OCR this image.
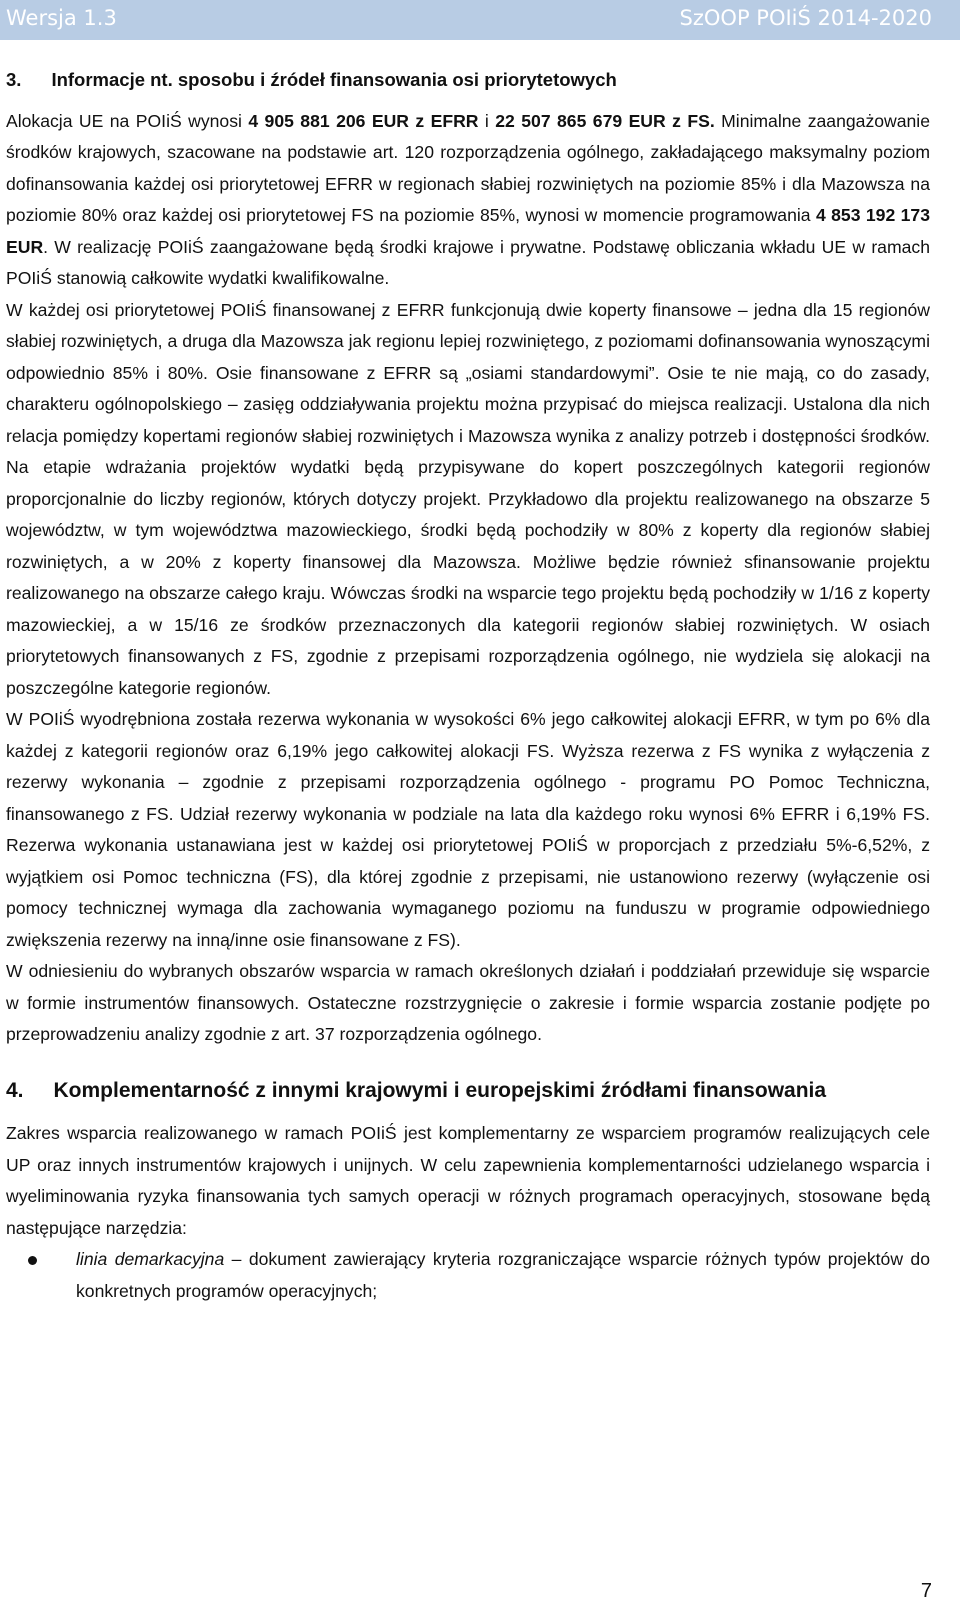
Wersja 1.3	SzOOP POIiŚ 2014-2020
3. Informacje nt. sposobu i źródeł finansowania osi priorytetowych

Alokacja UE na POIiŚ wynosi 4 905 881 206 EUR z EFRR i 22 507 865 679 EUR z FS. Minimalne zaangażowanie środków krajowych, szacowane na podstawie art. 120 rozporządzenia ogólnego, zakładającego maksymalny poziom dofinansowania każdej osi priorytetowej EFRR w regionach słabiej rozwiniętych na poziomie 85% i dla Mazowsza na poziomie 80% oraz każdej osi priorytetowej FS na poziomie 85%, wynosi w momencie programowania 4 853 192 173 EUR. W realizację POIiŚ zaangażowane będą środki krajowe i prywatne. Podstawę obliczania wkładu UE w ramach POIiŚ stanowią całkowite wydatki kwalifikowalne.

W każdej osi priorytetowej POIiŚ finansowanej z EFRR funkcjonują dwie koperty finansowe – jedna dla 15 regionów słabiej rozwiniętych, a druga dla Mazowsza jak regionu lepiej rozwiniętego, z poziomami dofinansowania wynoszącymi odpowiednio 85% i 80%. Osie finansowane z EFRR są „osiami standardowymi”. Osie te nie mają, co do zasady, charakteru ogólnopolskiego – zasięg oddziaływania projektu można przypisać do miejsca realizacji. Ustalona dla nich relacja pomiędzy kopertami regionów słabiej rozwiniętych i Mazowsza wynika z analizy potrzeb i dostępności środków. Na etapie wdrażania projektów wydatki będą przypisywane do kopert poszczególnych kategorii regionów proporcjonalnie do liczby regionów, których dotyczy projekt. Przykładowo dla projektu realizowanego na obszarze 5 województw, w tym województwa mazowieckiego, środki będą pochodziły w 80% z koperty dla regionów słabiej rozwiniętych, a w 20% z koperty finansowej dla Mazowsza. Możliwe będzie również sfinansowanie projektu realizowanego na obszarze całego kraju. Wówczas środki na wsparcie tego projektu będą pochodziły w 1/16 z koperty mazowieckiej, a w 15/16 ze środków przeznaczonych dla kategorii regionów słabiej rozwiniętych. W osiach priorytetowych finansowanych z FS, zgodnie z przepisami rozporządzenia ogólnego, nie wydziela się alokacji na poszczególne kategorie regionów.

W POIiŚ wyodrębniona została rezerwa wykonania w wysokości 6% jego całkowitej alokacji EFRR, w tym po 6% dla każdej z kategorii regionów oraz 6,19% jego całkowitej alokacji FS. Wyższa rezerwa z FS wynika z wyłączenia z rezerwy wykonania – zgodnie z przepisami rozporządzenia ogólnego - programu PO Pomoc Techniczna, finansowanego z FS. Udział rezerwy wykonania w podziale na lata dla każdego roku wynosi 6% EFRR i 6,19% FS. Rezerwa wykonania ustanawiana jest w każdej osi priorytetowej POIiŚ w proporcjach z przedziału 5%-6,52%, z wyjątkiem osi Pomoc techniczna (FS), dla której zgodnie z przepisami, nie ustanowiono rezerwy (wyłączenie osi pomocy technicznej wymaga dla zachowania wymaganego poziomu na funduszu w programie odpowiedniego zwiększenia rezerwy na inną/inne osie finansowane z FS).

W odniesieniu do wybranych obszarów wsparcia w ramach określonych działań i poddziałań przewiduje się wsparcie w formie instrumentów finansowych. Ostateczne rozstrzygnięcie o zakresie i formie wsparcia zostanie podjęte po przeprowadzeniu analizy zgodnie z art. 37 rozporządzenia ogólnego.

4. Komplementarność z innymi krajowymi i europejskimi źródłami finansowania

Zakres wsparcia realizowanego w ramach POIiŚ jest komplementarny ze wsparciem programów realizujących cele UP oraz innych instrumentów krajowych i unijnych. W celu zapewnienia komplementarności udzielanego wsparcia i wyeliminowania ryzyka finansowania tych samych operacji w różnych programach operacyjnych, stosowane będą następujące narzędzia:

linia demarkacyjna – dokument zawierający kryteria rozgraniczające wsparcie różnych typów projektów do konkretnych programów operacyjnych;
7
